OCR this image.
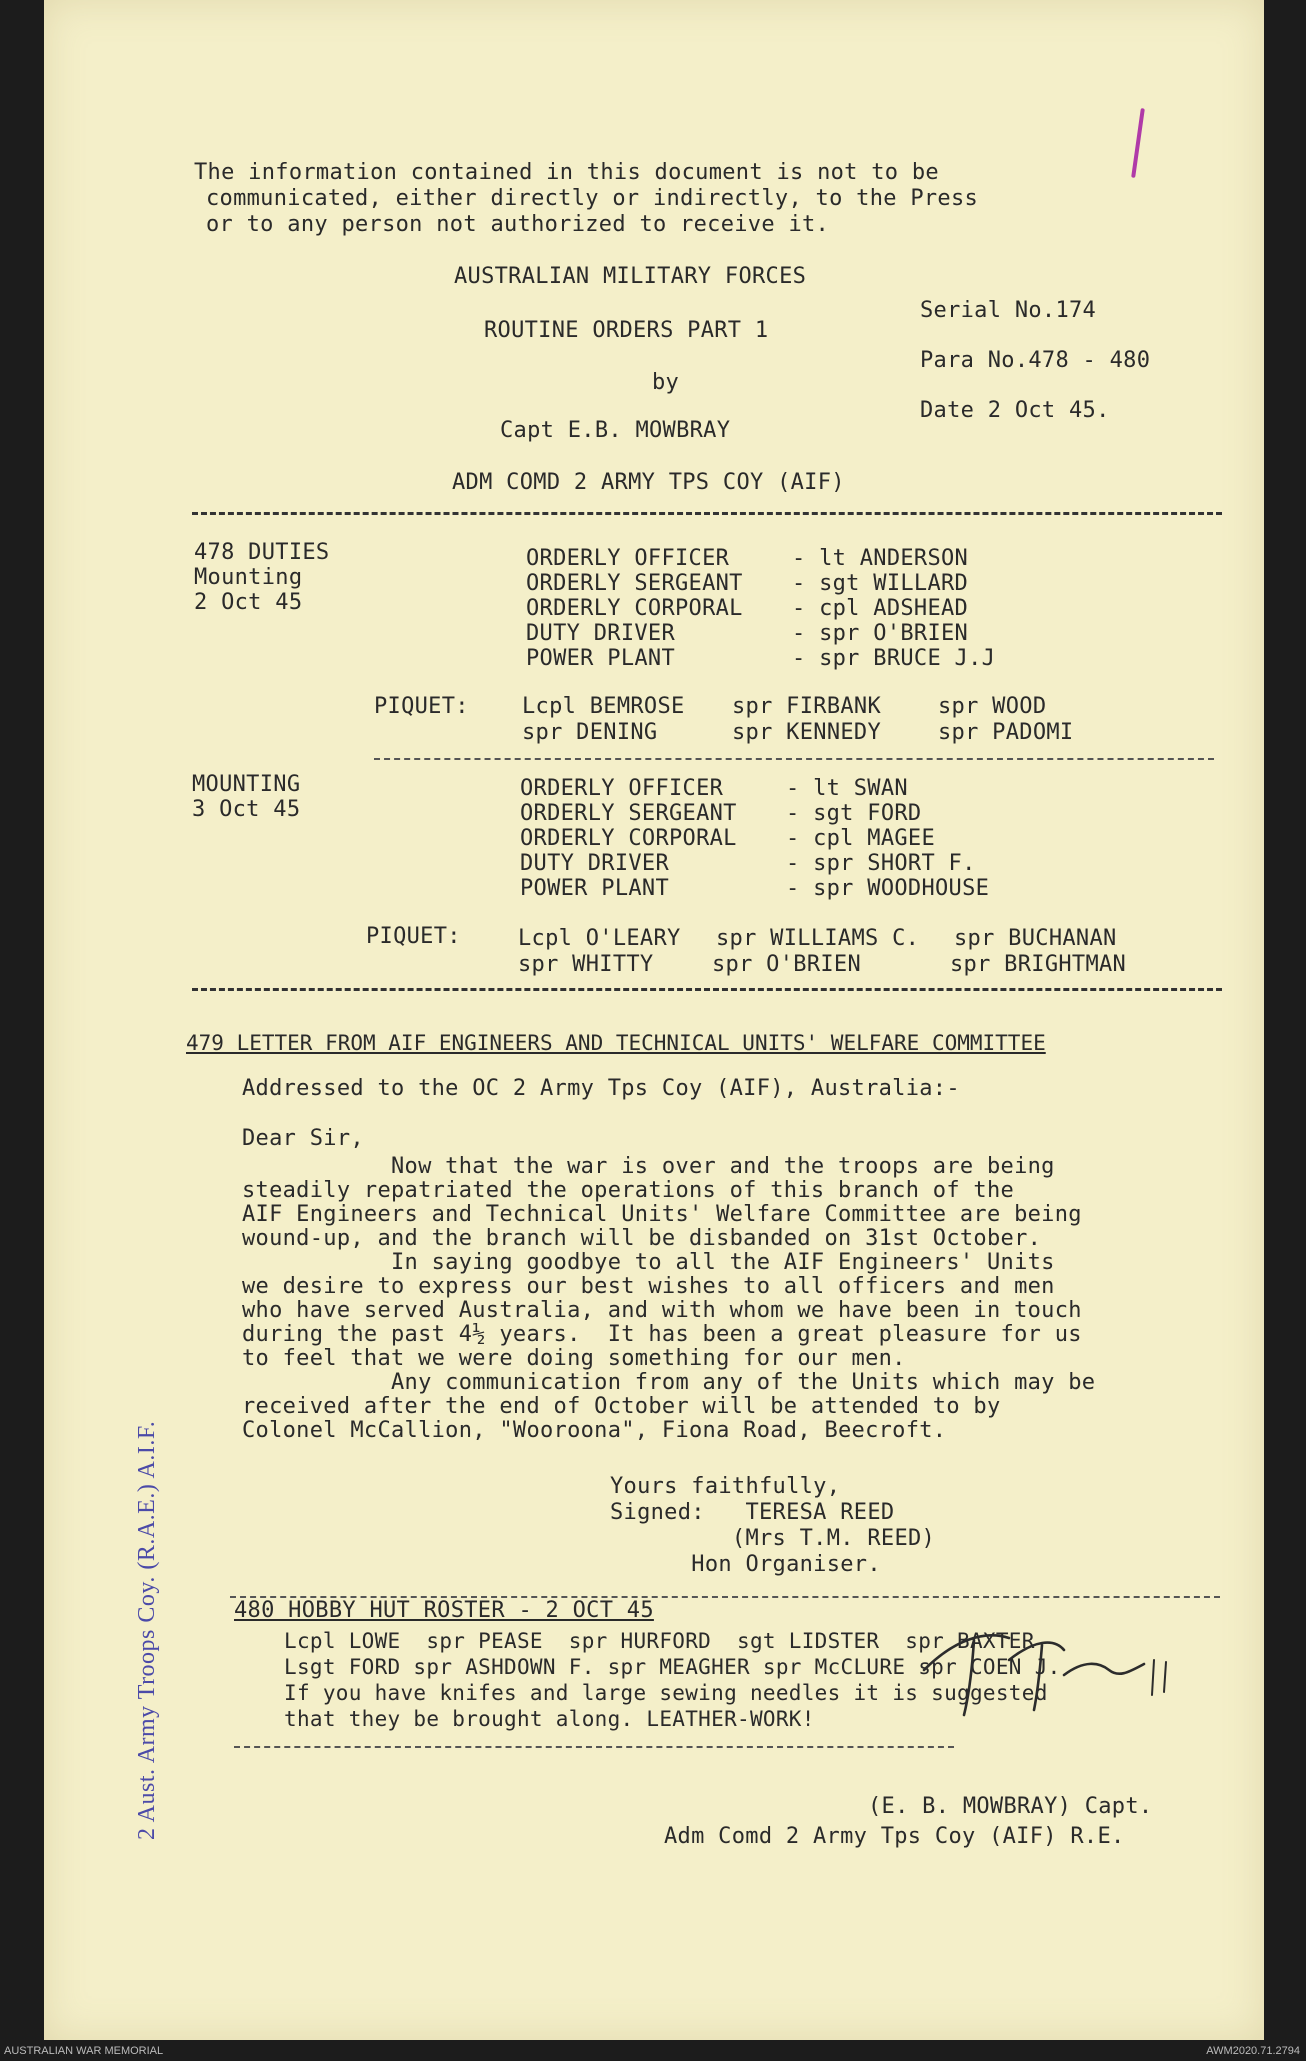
The information contained in this document is not to be
communicated, either directly or indirectly, to the Press
or to any person not authorized to receive it.
AUSTRALIAN MILITARY FORCES
ROUTINE ORDERS PART 1
by
Capt E.B. MOWBRAY
ADM COMD 2 ARMY TPS COY (AIF)
Serial No.174
Para No.478 - 480
Date 2 Oct 45.
478 DUTIES
Mounting
2 Oct 45
ORDERLY OFFICER	- lt ANDERSON
ORDERLY SERGEANT - sgt WILLARD
ORDERLY CORPORAL - cpl ADSHEAD
DUTY DRIVER	- spr O'BRIEN
POWER PLANT	- spr BRUCE J.J
PIQUET: Lcpl BEMROSE spr FIRBANK	spr WOOD
spr DENING	spr KENNEDY	spr PADOMI
MOUNTING
3 Oct 45
ORDERLY OFFICER	- lt SWAN
ORDERLY SERGEANT - sgt FORD
ORDERLY CORPORAL - cpl MAGEE
DUTY DRIVER	- spr SHORT F.
POWER PLANT	- spr WOODHOUSE
PIQUET:	Lcpl O'LEARY spr WILLIAMS C. spr BUCHANAN
spr WHITTY	spr O'BRIEN	spr BRIGHTMAN
479 LETTER FROM AIF ENGINEERS AND TECHNICAL UNITS' WELFARE COMMITTEE
Addressed to the OC 2 Army Tps Coy (AIF), Australia:-
Dear Sir,
Now that the war is over and the troops are being
steadily repatriated the operations of this branch of the
AIF Engineers and Technical Units' Welfare Committee are being
wound-up, and the branch will be disbanded on 31st October.
In saying goodbye to all the AIF Engineers' Units
we desire to express our best wishes to all officers and men
who have served Australia, and with whom we have been in touch
during the past 4½ years.  It has been a great pleasure for us
to feel that we were doing something for our men.
Any communication from any of the Units which may be
received after the end of October will be attended to by
Colonel McCallion, "Wooroona", Fiona Road, Beecroft.
Yours faithfully,
Signed:   TERESA REED
(Mrs T.M. REED)
Hon Organiser.
480 HOBBY HUT ROSTER - 2 OCT 45
Lcpl LOWE  spr PEASE  spr HURFORD  sgt LIDSTER  spr BAXTER
Lsgt FORD spr ASHDOWN F. spr MEAGHER spr McCLURE spr COEN J.
If you have knifes and large sewing needles it is suggested
that they be brought along. LEATHER-WORK!
(E. B. MOWBRAY) Capt.
Adm Comd 2 Army Tps Coy (AIF) R.E.
2 Aust. Army Troops Coy. (R.A.E.) A.I.F.
AUSTRALIAN WAR MEMORIAL	AWM2020.71.2794
